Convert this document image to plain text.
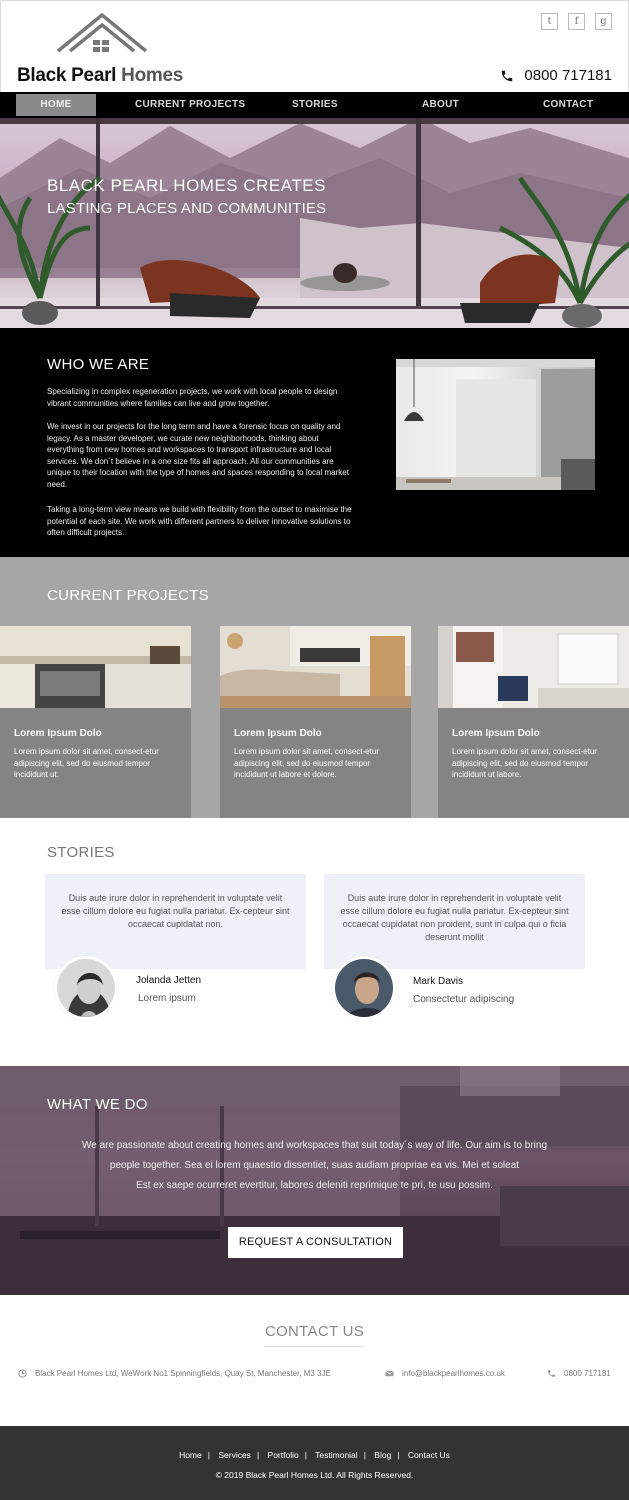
Black Pearl Homes
t	f	g
0800 717181
HOME	CURRENT PROJECTS	STORIES	ABOUT	CONTACT
BLACK PEARL HOMES CREATES
LASTING PLACES AND COMMUNITIES
WHO WE ARE

Specializing in complex regeneration projects, we work with local people to design vibrant communities where families can live and grow together.

We invest in our projects for the long term and have a forensic focus on quality and legacy. As a master developer, we curate new neighborhoods, thinking about everything from new homes and workspaces to transport infrastructure and local services. We don´t believe in a one size fits all approach. All our communities are unique to their location with the type of homes and spaces responding to local market need.

Taking a long-term view means we build with flexibility from the outset to maximise the potential of each site. We work with different partners to deliver innovative solutions to often difficult projects.

CURRENT PROJECTS
Lorem Ipsum Dolo
Lorem ipsum dolor sit amet, consect-etur adipiscing elit, sed do eiusmod tempor incididunt ut.
Lorem Ipsum Dolo
Lorem ipsum dolor sit amet, consect-etur adipiscing elit, sed do eiusmod tempor incididunt ut labore et dolore.
Lorem Ipsum Dolo
Lorem ipsum dolor sit amet, consect-etur adipiscing elit, sed do eiusmod tempor incididunt ut labore.
STORIES

Duis aute irure dolor in reprehenderit in voluptate velit esse cillum dolore eu fugiat nulla pariatur. Ex-cepteur sint occaecat cupidatat non.

Jolanda Jetten
Lorem ipsum

Duis aute irure dolor in reprehenderit in voluptate velit esse cillum dolore eu fugiat nulla pariatur. Ex-cepteur sint occaecat cupidatat non proident, sunt in culpa qui o ficia deserunt mollit

Mark Davis
Consectetur adipiscing
WHAT WE DO

We are passionate about creating homes and workspaces that suit today´s way of life. Our aim is to bring
people together. Sea ei lorem quaestio dissentiet, suas audiam propriae ea vis. Mei et soleat
Est ex saepe ocurreret evertitur, labores deleniti reprimique te pri, te usu possim.

REQUEST A CONSULTATION
CONTACT US
Black Pearl Homes Ltd, WeWork No1 Spinningfields, Quay St, Manchester, M3 3JE	info@blackpearlhomes.co.uk	0800 717181
Home | Services | Portfolio | Testimonial | Blog | Contact Us
© 2019 Black Pearl Homes Ltd. All Rights Reserved.
